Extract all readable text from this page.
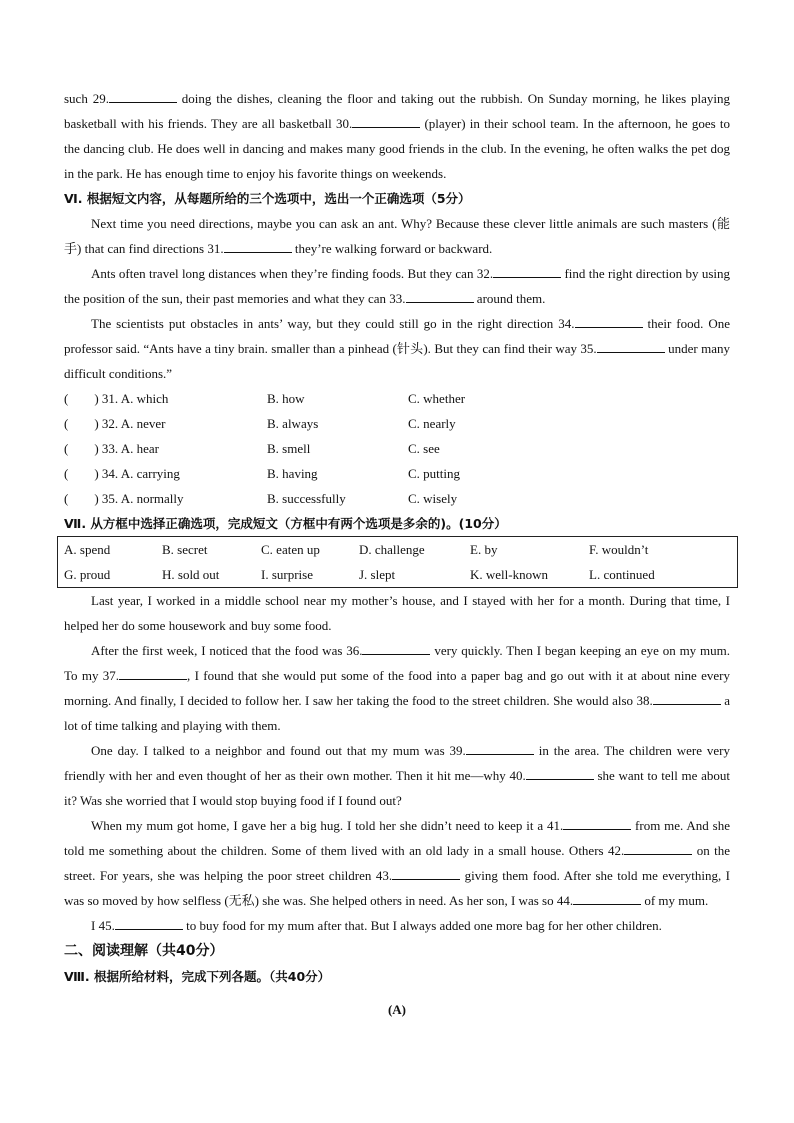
such 29.	doing the dishes, cleaning the floor and taking out the rubbish. On Sunday morning, he likes playing basketball with his friends. They are all basketball 30.	(player) in their school team. In the afternoon, he goes to the dancing club. He does well in dancing and makes many good friends in the club. In the evening, he often walks the pet dog in the park. He has enough time to enjoy his favorite things on weekends.

Ⅵ. 根据短文内容，从每题所给的三个选项中，选出一个正确选项（5分）

Next time you need directions, maybe you can ask an ant. Why? Because these clever little animals are such masters (能手) that can find directions 31.	they’re walking forward or backward.

Ants often travel long distances when they’re finding foods. But they can 32.	find the right direction by using the position of the sun, their past memories and what they can 33.	around them.

The scientists put obstacles in ants’ way, but they could still go in the right direction 34.	their food. One professor said. “Ants have a tiny brain. smaller than a pinhead (针头). But they can find their way 35.	under many difficult conditions.”

(　　) 31. A. which	B. how	C. whether
(　　) 32. A. never	B. always	C. nearly
(　　) 33. A. hear	B. smell	C. see
(　　) 34. A. carrying	B. having	C. putting
(　　) 35. A. normally	B. successfully	C. wisely

Ⅶ. 从方框中选择正确选项，完成短文（方框中有两个选项是多余的)。(10分）

A. spend	B. secret	C. eaten up	D. challenge	E. by	F. wouldn’t
G. proud	H. sold out	I. surprise	J. slept	K. well-known	L. continued

Last year, I worked in a middle school near my mother’s house, and I stayed with her for a month. During that time, I helped her do some housework and buy some food.

After the first week, I noticed that the food was 36.	very quickly. Then I began keeping an eye on my mum. To my 37.	, I found that she would put some of the food into a paper bag and go out with it at about nine every morning. And finally, I decided to follow her. I saw her taking the food to the street children. She would also 38.	a lot of time talking and playing with them.

One day. I talked to a neighbor and found out that my mum was 39.	in the area. The children were very friendly with her and even thought of her as their own mother. Then it hit me—why 40.	she want to tell me about it? Was she worried that I would stop buying food if I found out?

When my mum got home, I gave her a big hug. I told her she didn’t need to keep it a 41.	from me. And she told me something about the children. Some of them lived with an old lady in a small house. Others 42.	on the street. For years, she was helping the poor street children 43.	giving them food. After she told me everything, I was so moved by how selfless (无私) she was. She helped others in need. As her son, I was so 44.	of my mum.

I 45.	to buy food for my mum after that. But I always added one more bag for her other children.

二、阅读理解（共40分）

Ⅷ. 根据所给材料，完成下列各题。（共40分）

(A)
